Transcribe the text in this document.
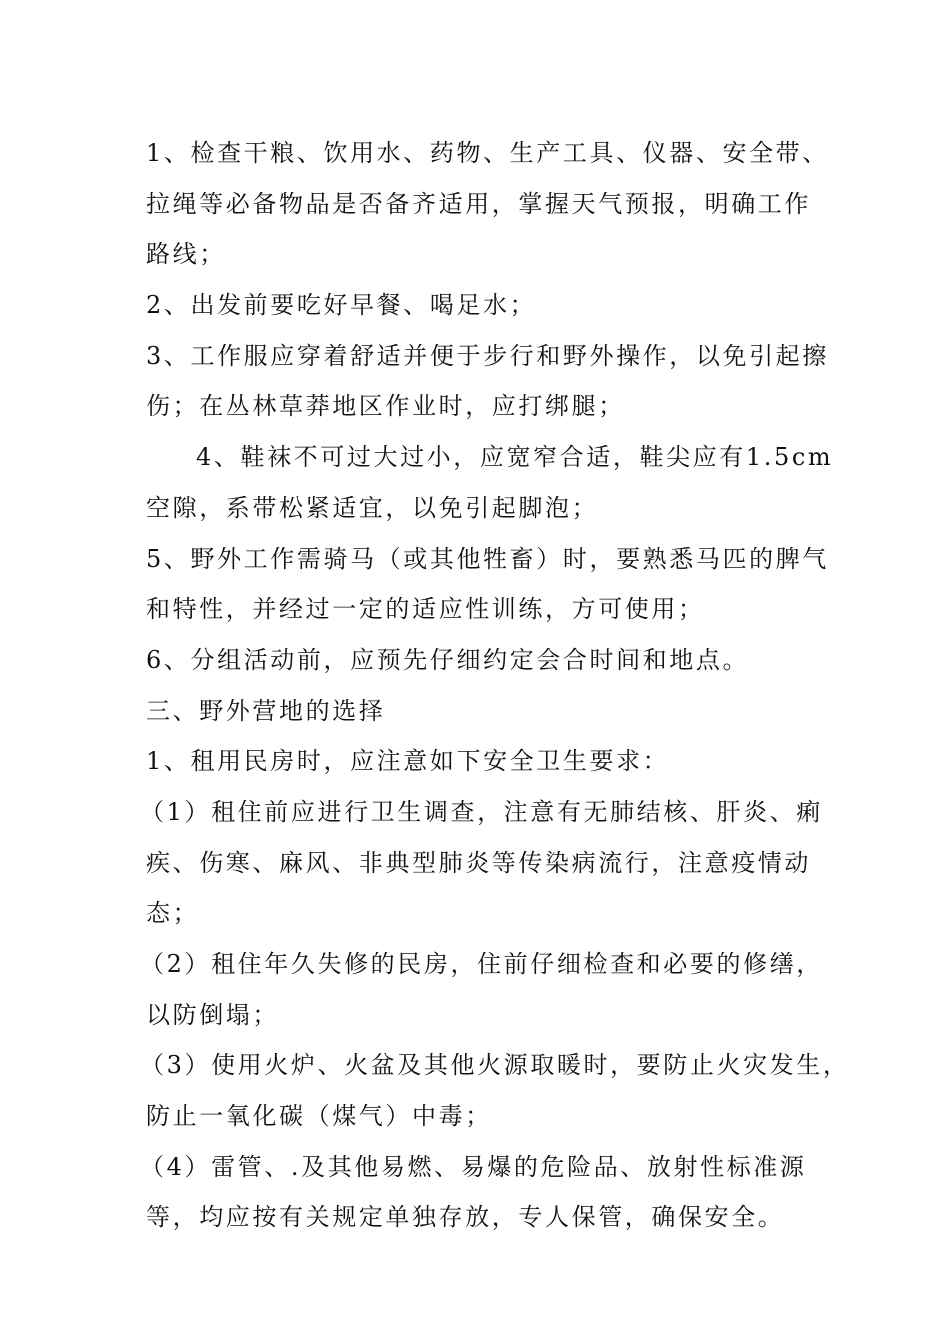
1、检查干粮、饮用水、药物、生产工具、仪器、安全带、
拉绳等必备物品是否备齐适用，掌握天气预报，明确工作
路线；
2、出发前要吃好早餐、喝足水；
3、工作服应穿着舒适并便于步行和野外操作，以免引起擦
伤；在丛林草莽地区作业时，应打绑腿；
4、鞋袜不可过大过小，应宽窄合适，鞋尖应有1.5cm
空隙，系带松紧适宜，以免引起脚泡；
5、野外工作需骑马（或其他牲畜）时，要熟悉马匹的脾气
和特性，并经过一定的适应性训练，方可使用；
6、分组活动前，应预先仔细约定会合时间和地点。
三、野外营地的选择
1、租用民房时，应注意如下安全卫生要求：
（1）租住前应进行卫生调查，注意有无肺结核、肝炎、痢
疾、伤寒、麻风、非典型肺炎等传染病流行，注意疫情动
态；
（2）租住年久失修的民房，住前仔细检查和必要的修缮，
以防倒塌；
（3）使用火炉、火盆及其他火源取暖时，要防止火灾发生，
防止一氧化碳（煤气）中毒；
（4）雷管、.及其他易燃、易爆的危险品、放射性标准源
等，均应按有关规定单独存放，专人保管，确保安全。
